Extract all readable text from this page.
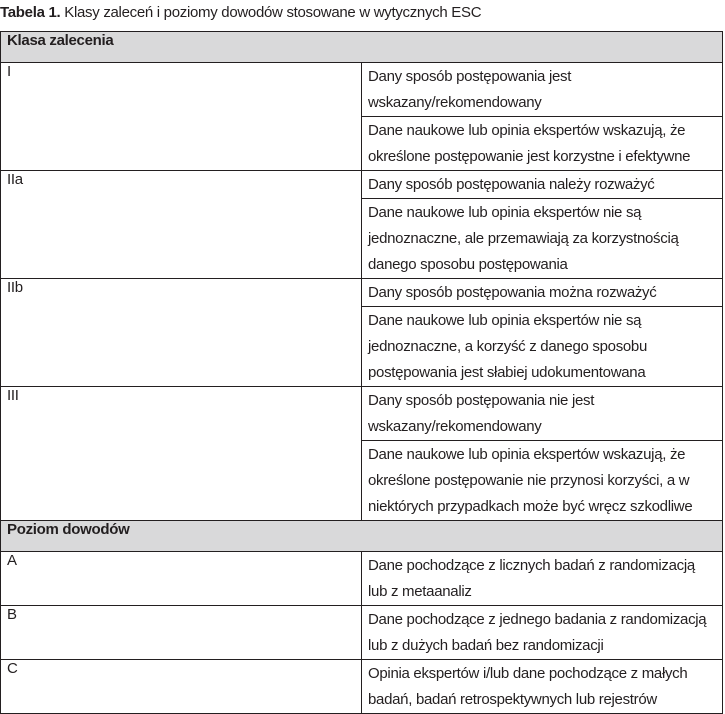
Tabela 1. Klasy zaleceń i poziomy dowodów stosowane w wytycznych ESC
Klasa zalecenia	
I	Dany sposób postępowania jest wskazany/rekomendowany
	Dane naukowe lub opinia ekspertów wskazują, że określone postępowanie jest korzystne i efektywne
IIa	Dany sposób postępowania należy rozważyć
	Dane naukowe lub opinia ekspertów nie są jednoznaczne, ale przemawiają za korzystnością danego sposobu postępowania
IIb	Dany sposób postępowania można rozważyć
	Dane naukowe lub opinia ekspertów nie są jednoznaczne, a korzyść z danego sposobu postępowania jest słabiej udokumentowana
III	Dany sposób postępowania nie jest wskazany/rekomendowany
	Dane naukowe lub opinia ekspertów wskazują, że określone postępowanie nie przynosi korzyści, a w niektórych przypadkach może być wręcz szkodliwe
Poziom dowodów	
A	Dane pochodzące z licznych badań z randomizacją lub z metaanaliz
B	Dane pochodzące z jednego badania z randomizacją lub z dużych badań bez randomizacji
C	Opinia ekspertów i/lub dane pochodzące z małych badań, badań retrospektywnych lub rejestrów
